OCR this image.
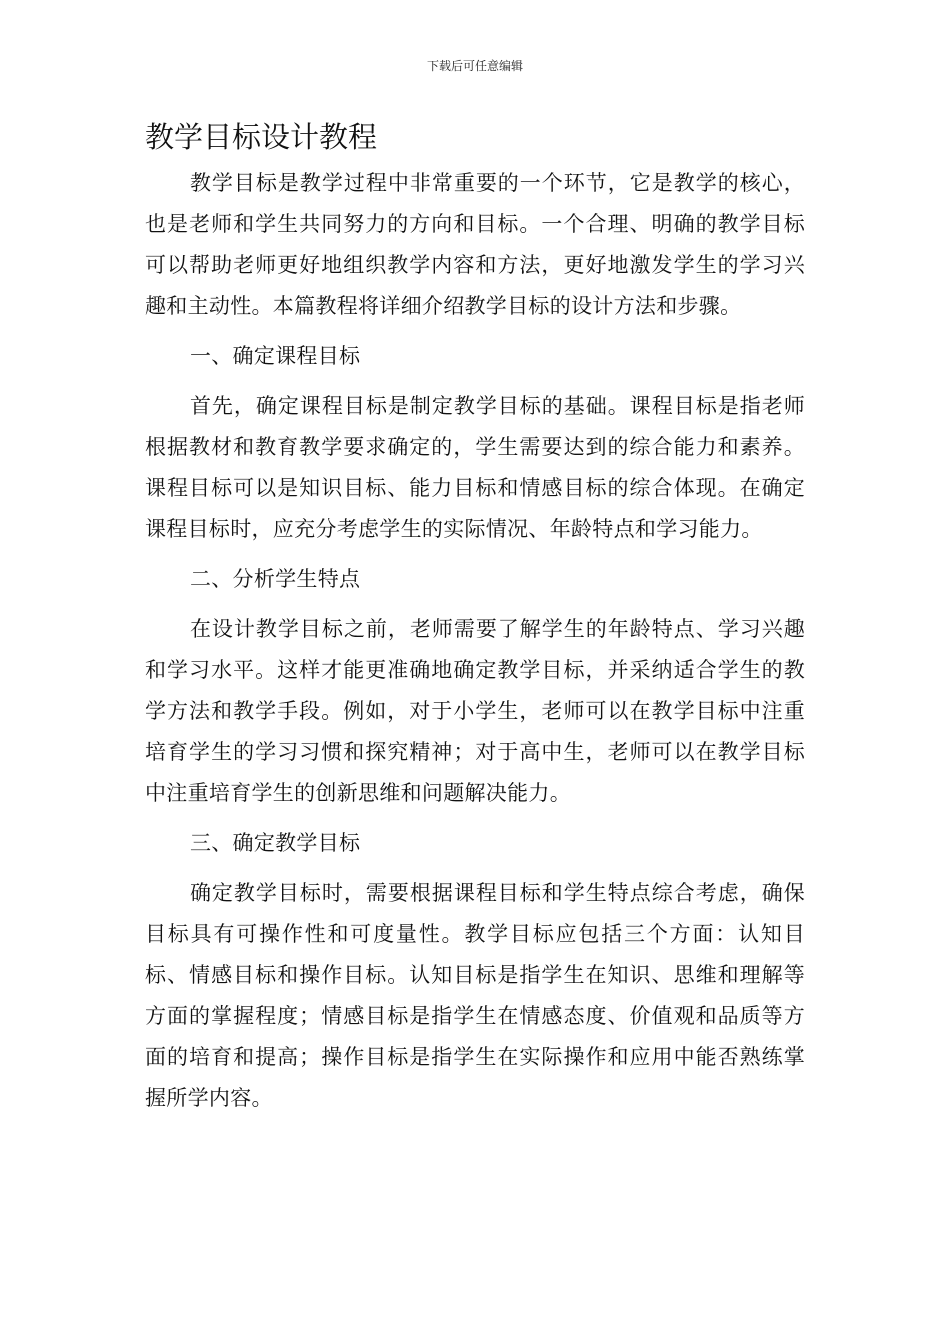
下载后可任意编辑
教学目标设计教程

教学目标是教学过程中非常重要的一个环节，它是教学的核心，也是老师和学生共同努力的方向和目标。一个合理、明确的教学目标可以帮助老师更好地组织教学内容和方法，更好地激发学生的学习兴趣和主动性。本篇教程将详细介绍教学目标的设计方法和步骤。

一、确定课程目标

首先，确定课程目标是制定教学目标的基础。课程目标是指老师根据教材和教育教学要求确定的，学生需要达到的综合能力和素养。课程目标可以是知识目标、能力目标和情感目标的综合体现。在确定课程目标时，应充分考虑学生的实际情况、年龄特点和学习能力。

二、分析学生特点

在设计教学目标之前，老师需要了解学生的年龄特点、学习兴趣和学习水平。这样才能更准确地确定教学目标，并采纳适合学生的教学方法和教学手段。例如，对于小学生，老师可以在教学目标中注重培育学生的学习习惯和探究精神；对于高中生，老师可以在教学目标中注重培育学生的创新思维和问题解决能力。

三、确定教学目标

确定教学目标时，需要根据课程目标和学生特点综合考虑，确保目标具有可操作性和可度量性。教学目标应包括三个方面：认知目标、情感目标和操作目标。认知目标是指学生在知识、思维和理解等方面的掌握程度；情感目标是指学生在情感态度、价值观和品质等方面的培育和提高；操作目标是指学生在实际操作和应用中能否熟练掌握所学内容。
